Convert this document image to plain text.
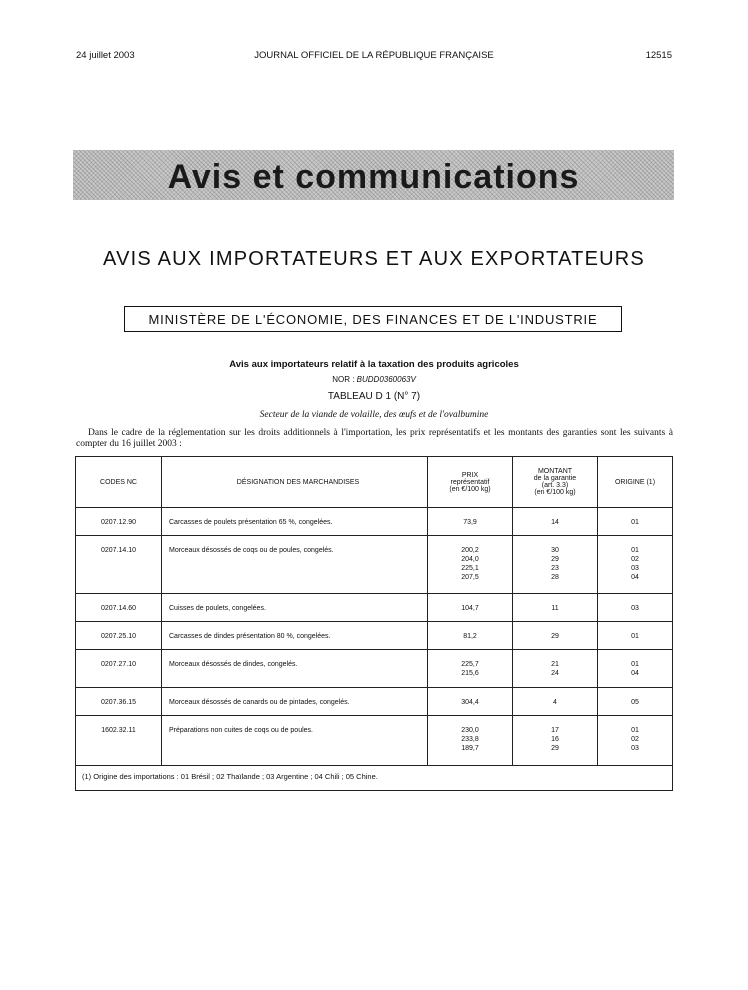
24 juillet 2003	JOURNAL OFFICIEL DE LA RÉPUBLIQUE FRANÇAISE	12515
Avis et communications
AVIS AUX IMPORTATEURS ET AUX EXPORTATEURS
MINISTÈRE DE L'ÉCONOMIE, DES FINANCES ET DE L'INDUSTRIE
Avis aux importateurs relatif à la taxation des produits agricoles
NOR : BUDD0360063V
TABLEAU D 1 (N° 7)
Secteur de la viande de volaille, des œufs et de l'ovalbumine
Dans le cadre de la réglementation sur les droits additionnels à l'importation, les prix représentatifs et les montants des garanties sont les suivants à compter du 16 juillet 2003 :
CODES NC	DÉSIGNATION DES MARCHANDISES	PRIX
représentatif
(en €/100 kg)	MONTANT
de la garantie
(art. 3.3)
(en €/100 kg)	ORIGINE (1)
0207.12.90	Carcasses de poulets présentation 65 %, congelées.	73,9	14	01
0207.14.10	Morceaux désossés de coqs ou de poules, congelés.	200,2
204,0
225,1
207,5	30
29
23
28	01
02
03
04
0207.14.60	Cuisses de poulets, congelées.	104,7	11	03
0207.25.10	Carcasses de dindes présentation 80 %, congelées.	81,2	29	01
0207.27.10	Morceaux désossés de dindes, congelés.	225,7
215,6	21
24	01
04
0207.36.15	Morceaux désossés de canards ou de pintades, congelés.	304,4	4	05
1602.32.11	Préparations non cuites de coqs ou de poules.	230,0
233,8
189,7	17
16
29	01
02
03
(1) Origine des importations : 01 Brésil ; 02 Thaïlande ; 03 Argentine ; 04 Chili ; 05 Chine.				
